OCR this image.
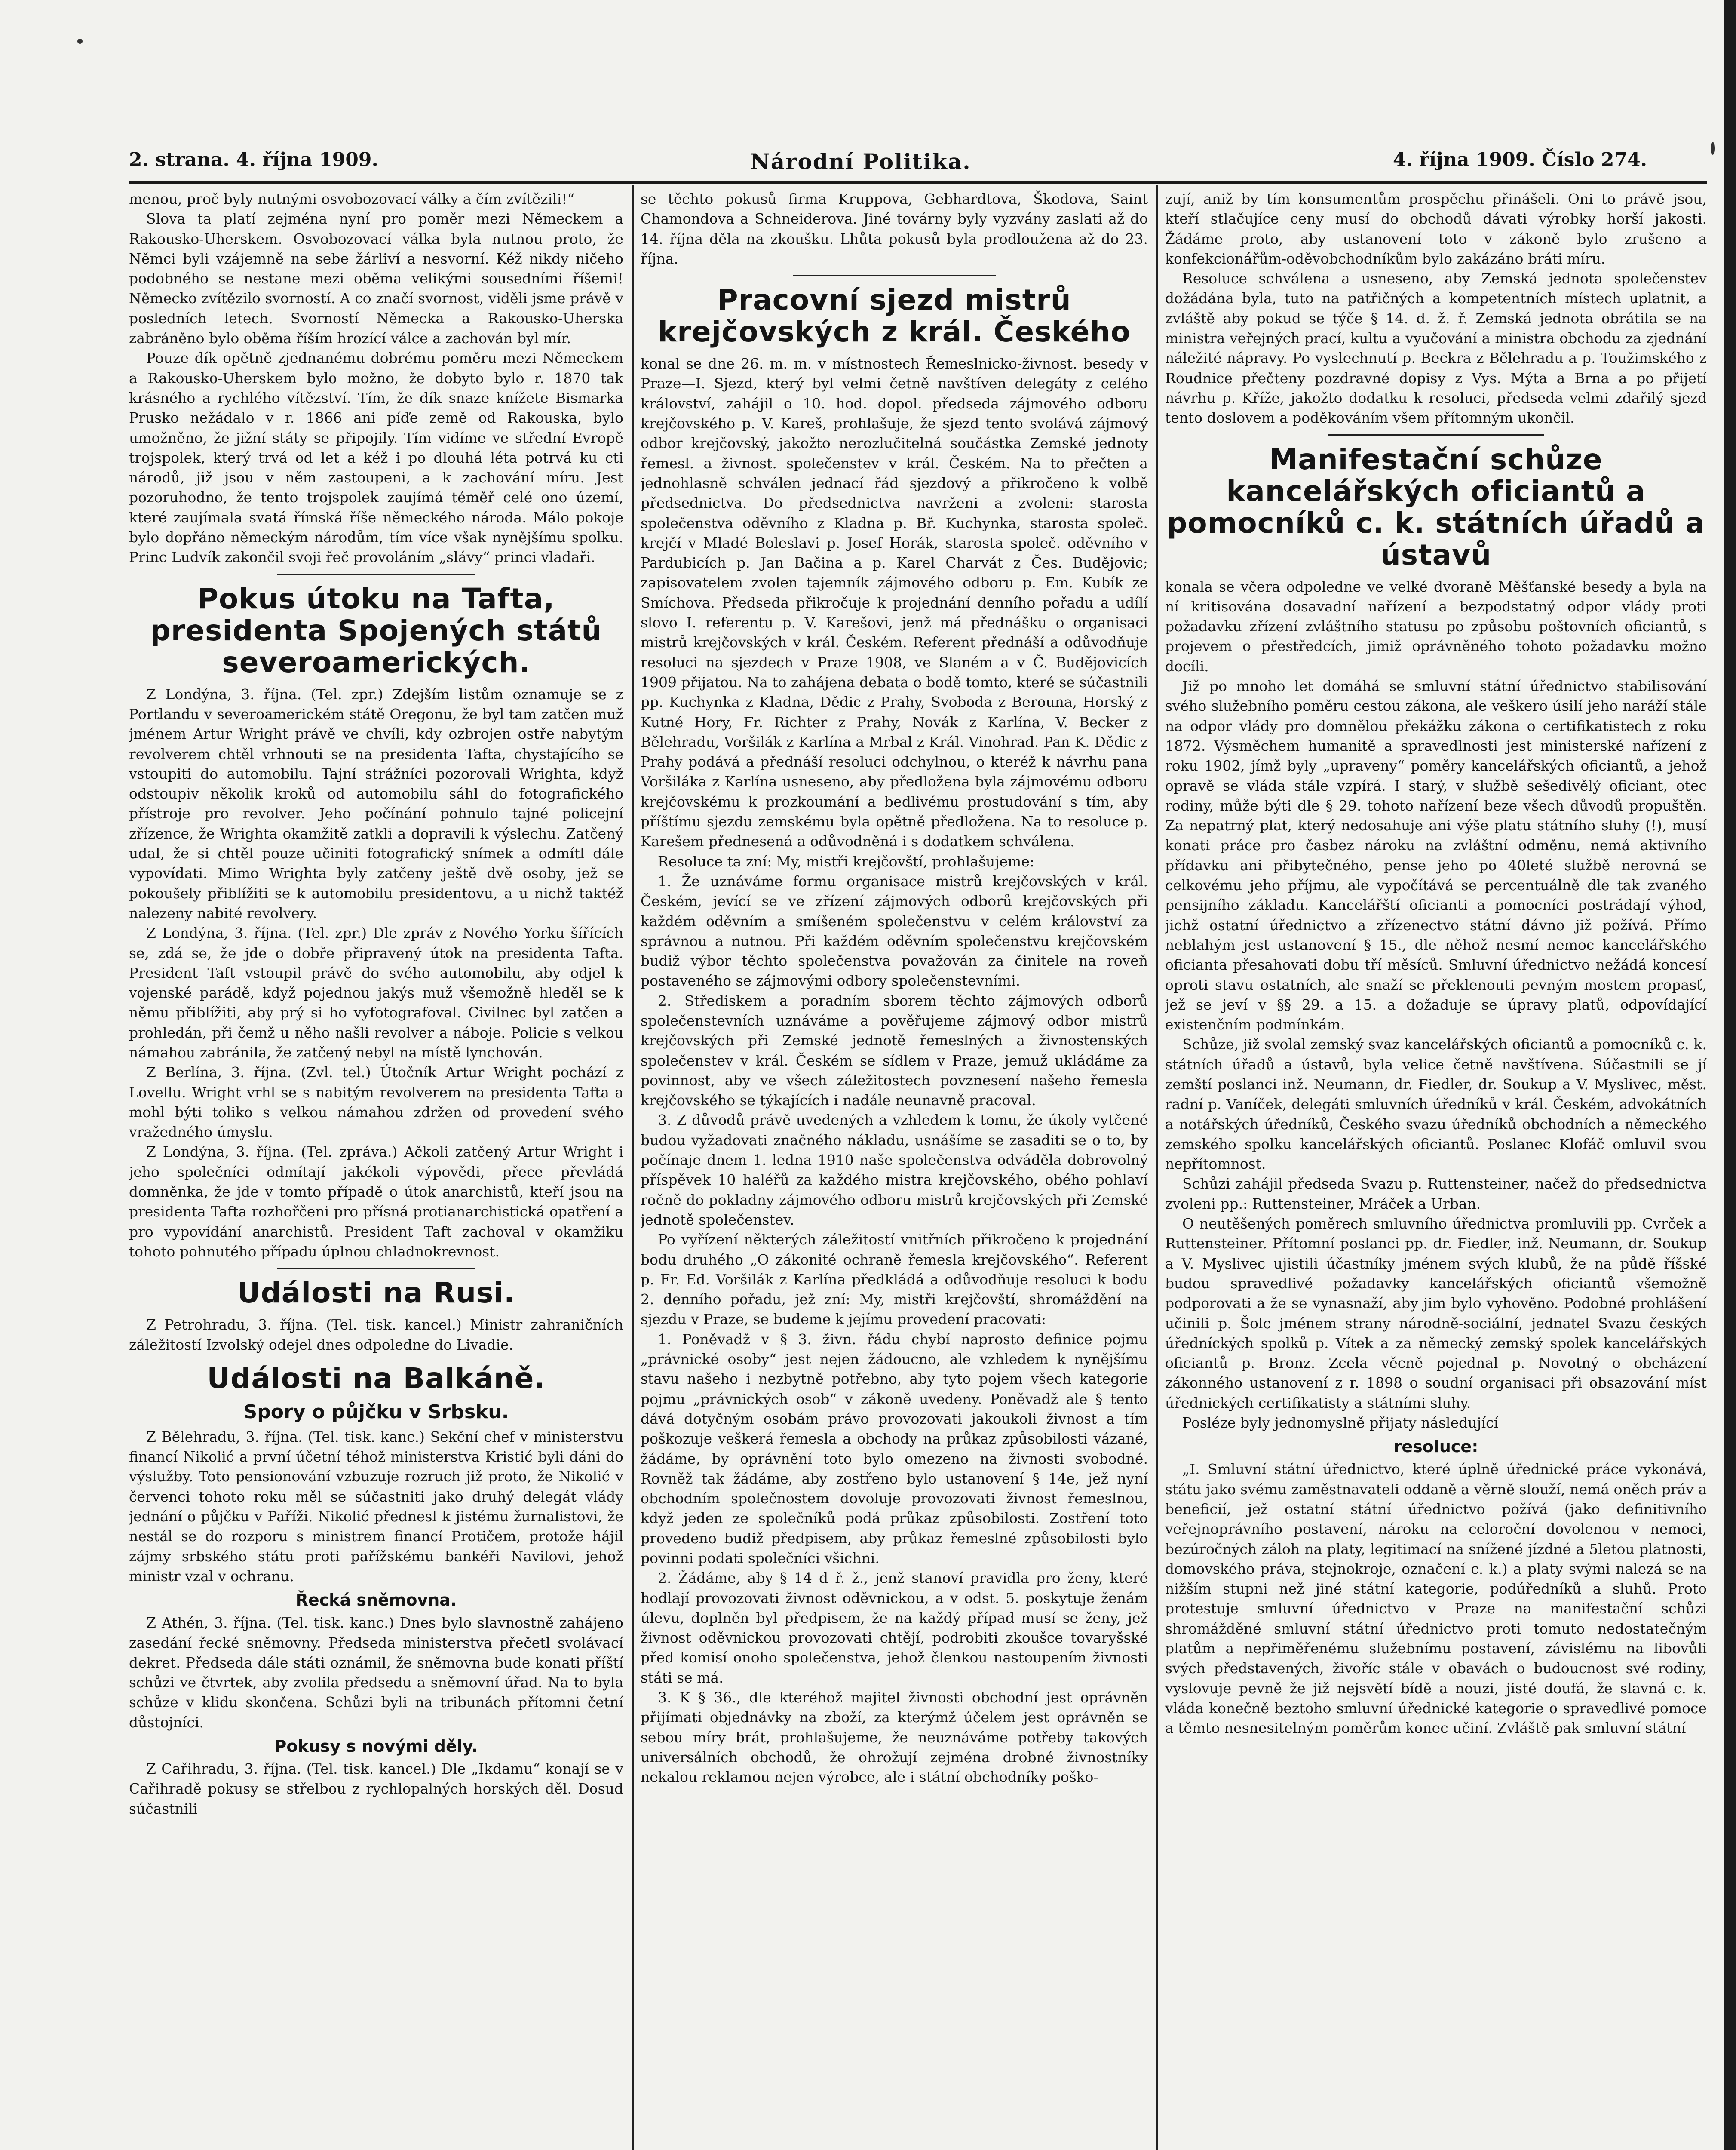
2. strana. 4. října 1909.	Národní Politika.	4. října 1909. Číslo 274.

menou, proč byly nutnými osvobozovací války a čím zvítězili!“

Slova ta platí zejména nyní pro poměr mezi Německem a Rakousko-Uherskem. Osvobozovací válka byla nutnou proto, že Němci byli vzájemně na sebe žárliví a nesvorní. Kéž nikdy ničeho podobného se nestane mezi oběma velikými sousedními říšemi! Německo zvítězilo svorností. A co značí svornost, viděli jsme právě v posledních letech. Svorností Německa a Rakousko-Uherska zabráněno bylo oběma říším hrozící válce a zachován byl mír.

Pouze dík opětně zjednanému dobrému poměru mezi Německem a Rakousko-Uherskem bylo možno, že dobyto bylo r. 1870 tak krásného a rychlého vítězství. Tím, že dík snaze knížete Bismarka Prusko nežádalo v r. 1866 ani píďe země od Rakouska, bylo umožněno, že jižní státy se připojily. Tím vidíme ve střední Evropě trojspolek, který trvá od let a kéž i po dlouhá léta potrvá ku cti národů, již jsou v něm zastoupeni, a k zachování míru. Jest pozoruhodno, že tento trojspolek zaujímá téměř celé ono území, které zaujímala svatá římská říše německého národa. Málo pokoje bylo dopřáno německým národům, tím více však nynějšímu spolku. Princ Ludvík zakončil svoji řeč provoláním „slávy“ princi vladaři.

Pokus útoku na Tafta, presidenta Spojených států severoamerických.

Z Londýna, 3. října. (Tel. zpr.) Zdejším listům oznamuje se z Portlandu v severoamerickém státě Oregonu, že byl tam zatčen muž jménem Artur Wright právě ve chvíli, kdy ozbrojen ostře nabytým revolverem chtěl vrhnouti se na presidenta Tafta, chystajícího se vstoupiti do automobilu. Tajní strážníci pozorovali Wrighta, když odstoupiv několik kroků od automobilu sáhl do fotografického přístroje pro revolver. Jeho počínání pohnulo tajné policejní zřízence, že Wrighta okamžitě zatkli a dopravili k výslechu. Zatčený udal, že si chtěl pouze učiniti fotografický snímek a odmítl dále vypovídati. Mimo Wrighta byly zatčeny ještě dvě osoby, jež se pokoušely přiblížiti se k automobilu presidentovu, a u nichž taktéž nalezeny nabité revolvery.

Z Londýna, 3. října. (Tel. zpr.) Dle zpráv z Nového Yorku šířících se, zdá se, že jde o dobře připravený útok na presidenta Tafta. President Taft vstoupil právě do svého automobilu, aby odjel k vojenské parádě, když pojednou jakýs muž všemožně hleděl se k němu přiblížiti, aby prý si ho vyfotografoval. Civilnec byl zatčen a prohledán, při čemž u něho našli revolver a náboje. Policie s velkou námahou zabránila, že zatčený nebyl na místě lynchován.

Z Berlína, 3. října. (Zvl. tel.) Útočník Artur Wright pochází z Lovellu. Wright vrhl se s nabitým revolverem na presidenta Tafta a mohl býti toliko s velkou námahou zdržen od provedení svého vražedného úmyslu.

Z Londýna, 3. října. (Tel. zpráva.) Ačkoli zatčený Artur Wright i jeho společníci odmítají jakékoli výpovědi, přece převládá domněnka, že jde v tomto případě o útok anarchistů, kteří jsou na presidenta Tafta rozhořčeni pro přísná protianarchistická opatření a pro vypovídání anarchistů. President Taft zachoval v okamžiku tohoto pohnutého případu úplnou chladnokrevnost.

Události na Rusi.

Z Petrohradu, 3. října. (Tel. tisk. kancel.) Ministr zahraničních záležitostí Izvolský odejel dnes odpoledne do Livadie.

Události na Balkáně.
Spory o půjčku v Srbsku.

Z Bělehradu, 3. října. (Tel. tisk. kanc.) Sekční chef v ministerstvu financí Nikolić a první účetní téhož ministerstva Kristić byli dáni do výslužby. Toto pensionování vzbuzuje rozruch již proto, že Nikolić v červenci tohoto roku měl se súčastniti jako druhý delegát vlády jednání o půjčku v Paříži. Nikolić přednesl k jistému žurnalistovi, že nestál se do rozporu s ministrem financí Protičem, protože hájil zájmy srbského státu proti pařížskému bankéři Navilovi, jehož ministr vzal v ochranu.

Řecká sněmovna.

Z Athén, 3. října. (Tel. tisk. kanc.) Dnes bylo slavnostně zahájeno zasedání řecké sněmovny. Předseda ministerstva přečetl svolávací dekret. Předseda dále státi oznámil, že sněmovna bude konati příští schůzi ve čtvrtek, aby zvolila předsedu a sněmovní úřad. Na to byla schůze v klidu skončena. Schůzi byli na tribunách přítomni četní důstojníci.

Pokusy s novými děly.

Z Cařihradu, 3. října. (Tel. tisk. kancel.) Dle „Ikdamu“ konají se v Cařihradě pokusy se střelbou z rychlopalných horských děl. Dosud súčastnili

se těchto pokusů firma Kruppova, Gebhardtova, Škodova, Saint Chamondova a Schneiderova. Jiné továrny byly vyzvány zaslati až do 14. října děla na zkoušku. Lhůta pokusů byla prodloužena až do 23. října.

Pracovní sjezd mistrů krejčovských z král. Českého

konal se dne 26. m. m. v místnostech Řemeslnicko-živnost. besedy v Praze—I. Sjezd, který byl velmi četně navštíven delegáty z celého království, zahájil o 10. hod. dopol. předseda zájmového odboru krejčovského p. V. Kareš, prohlašuje, že sjezd tento svolává zájmový odbor krejčovský, jakožto nerozlučitelná součástka Zemské jednoty řemesl. a živnost. společenstev v král. Českém. Na to přečten a jednohlasně schválen jednací řád sjezdový a přikročeno k volbě předsednictva. Do předsednictva navrženi a zvoleni: starosta společenstva oděvního z Kladna p. Bř. Kuchynka, starosta společ. krejčí v Mladé Boleslavi p. Josef Horák, starosta společ. oděvního v Pardubicích p. Jan Bačina a p. Karel Charvát z Čes. Budějovic; zapisovatelem zvolen tajemník zájmového odboru p. Em. Kubík ze Smíchova. Předseda přikročuje k projednání denního pořadu a udílí slovo I. referentu p. V. Karešovi, jenž má přednášku o organisaci mistrů krejčovských v král. Českém. Referent přednáší a odůvodňuje resoluci na sjezdech v Praze 1908, ve Slaném a v Č. Budějovicích 1909 přijatou. Na to zahájena debata o bodě tomto, které se súčastnili pp. Kuchynka z Kladna, Dědic z Prahy, Svoboda z Berouna, Horský z Kutné Hory, Fr. Richter z Prahy, Novák z Karlína, V. Becker z Bělehradu, Voršilák z Karlína a Mrbal z Král. Vinohrad. Pan K. Dědic z Prahy podává a přednáší resoluci odchylnou, o kteréž k návrhu pana Voršiláka z Karlína usneseno, aby předložena byla zájmovému odboru krejčovskému k prozkoumání a bedlivému prostudování s tím, aby příštímu sjezdu zemskému byla opětně předložena. Na to resoluce p. Karešem přednesená a odůvodněná i s dodatkem schválena.

Resoluce ta zní: My, mistři krejčovští, prohlašujeme:

1. Že uznáváme formu organisace mistrů krejčovských v král. Českém, jevící se ve zřízení zájmových odborů krejčovských při každém oděvním a smíšeném společenstvu v celém království za správnou a nutnou. Při každém oděvním společenstvu krejčovském budiž výbor těchto společenstva považován za činitele na roveň postaveného se zájmovými odbory společenstevními.

2. Střediskem a poradním sborem těchto zájmových odborů společenstevních uznáváme a pověřujeme zájmový odbor mistrů krejčovských při Zemské jednotě řemeslných a živnostenských společenstev v král. Českém se sídlem v Praze, jemuž ukládáme za povinnost, aby ve všech záležitostech povznesení našeho řemesla krejčovského se týkajících i nadále neunavně pracoval.

3. Z důvodů právě uvedených a vzhledem k tomu, že úkoly vytčené budou vyžadovati značného nákladu, usnášíme se zasaditi se o to, by počínaje dnem 1. ledna 1910 naše společenstva odváděla dobrovolný příspěvek 10 haléřů za každého mistra krejčovského, obého pohlaví ročně do pokladny zájmového odboru mistrů krejčovských při Zemské jednotě společenstev.

Po vyřízení některých záležitostí vnitřních přikročeno k projednání bodu druhého „O zákonité ochraně řemesla krejčovského“. Referent p. Fr. Ed. Voršilák z Karlína předkládá a odůvodňuje resoluci k bodu 2. denního pořadu, jež zní: My, mistři krejčovští, shromáždění na sjezdu v Praze, se budeme k jejímu provedení pracovati:

1. Poněvadž v § 3. živn. řádu chybí naprosto definice pojmu „právnické osoby“ jest nejen žádoucno, ale vzhledem k nynějšímu stavu našeho i nezbytně potřebno, aby tyto pojem všech kategorie pojmu „právnických osob“ v zákoně uvedeny. Poněvadž ale § tento dává dotyčným osobám právo provozovati jakoukoli živnost a tím poškozuje veškerá řemesla a obchody na průkaz způsobilosti vázané, žádáme, by oprávnění toto bylo omezeno na živnosti svobodné. Rovněž tak žádáme, aby zostřeno bylo ustanovení § 14e, jež nyní obchodním společnostem dovoluje provozovati živnost řemeslnou, když jeden ze společníků podá průkaz způsobilosti. Zostření toto provedeno budiž předpisem, aby průkaz řemeslné způsobilosti bylo povinni podati společníci všichni.

2. Žádáme, aby § 14 d ř. ž., jenž stanoví pravidla pro ženy, které hodlají provozovati živnost oděvnickou, a v odst. 5. poskytuje ženám úlevu, doplněn byl předpisem, že na každý případ musí se ženy, jež živnost oděvnickou provozovati chtějí, podrobiti zkoušce tovaryšské před komisí onoho společenstva, jehož členkou nastoupením živnosti státi se má.

3. K § 36., dle kteréhož majitel živnosti obchodní jest oprávněn přijímati objednávky na zboží, za kterýmž účelem jest oprávněn se sebou míry brát, prohlašujeme, že neuznáváme potřeby takových universálních obchodů, že ohrožují zejména drobné živnostníky nekalou reklamou nejen výrobce, ale i státní obchodníky poško-

zují, aniž by tím konsumentům prospěchu přinášeli. Oni to právě jsou, kteří stlačujíce ceny musí do obchodů dávati výrobky horší jakosti. Žádáme proto, aby ustanovení toto v zákoně bylo zrušeno a konfekcionářům-oděvobchodníkům bylo zakázáno bráti míru.

Resoluce schválena a usneseno, aby Zemská jednota společenstev dožádána byla, tuto na patřičných a kompetentních místech uplatnit, a zvláště aby pokud se týče § 14. d. ž. ř. Zemská jednota obrátila se na ministra veřejných prací, kultu a vyučování a ministra obchodu za zjednání náležité nápravy. Po vyslechnutí p. Beckra z Bělehradu a p. Toužimského z Roudnice přečteny pozdravné dopisy z Vys. Mýta a Brna a po přijetí návrhu p. Kříže, jakožto dodatku k resoluci, předseda velmi zdařilý sjezd tento doslovem a poděkováním všem přítomným ukončil.

Manifestační schůze kancelářských oficiantů a pomocníků c. k. státních úřadů a ústavů

konala se včera odpoledne ve velké dvoraně Měšťanské besedy a byla na ní kritisována dosavadní nařízení a bezpodstatný odpor vlády proti požadavku zřízení zvláštního statusu po způsobu poštovních oficiantů, s projevem o přestředcích, jimiž oprávněného tohoto požadavku možno docíli.

Již po mnoho let domáhá se smluvní státní úřednictvo stabilisování svého služebního poměru cestou zákona, ale veškero úsilí jeho naráží stále na odpor vlády pro domnělou překážku zákona o certifikatistech z roku 1872. Výsměchem humanitě a spravedlnosti jest ministerské nařízení z roku 1902, jímž byly „upraveny“ poměry kancelářských oficiantů, a jehož opravě se vláda stále vzpírá. I starý, v službě sešedivělý oficiant, otec rodiny, může býti dle § 29. tohoto nařízení beze všech důvodů propuštěn. Za nepatrný plat, který nedosahuje ani výše platu státního sluhy (!), musí konati práce pro časbez nároku na zvláštní odměnu, nemá aktivního přídavku ani přibytečného, pense jeho po 40leté službě nerovná se celkovému jeho příjmu, ale vypočítává se percentuálně dle tak zvaného pensijního základu. Kancelářští oficianti a pomocníci postrádají výhod, jichž ostatní úřednictvo a zřízenectvo státní dávno již požívá. Přímo neblahým jest ustanovení § 15., dle něhož nesmí nemoc kancelářského oficianta přesahovati dobu tří měsíců. Smluvní úřednictvo nežádá koncesí oproti stavu ostatních, ale snaží se překlenouti pevným mostem propasť, jež se jeví v §§ 29. a 15. a dožaduje se úpravy platů, odpovídající existenčním podmínkám.

Schůze, již svolal zemský svaz kancelářských oficiantů a pomocníků c. k. státních úřadů a ústavů, byla velice četně navštívena. Súčastnili se jí zemští poslanci inž. Neumann, dr. Fiedler, dr. Soukup a V. Myslivec, měst. radní p. Vaníček, delegáti smluvních úředníků v král. Českém, advokátních a notářských úředníků, Českého svazu úředníků obchodních a německého zemského spolku kancelářských oficiantů. Poslanec Klofáč omluvil svou nepřítomnost.

Schůzi zahájil předseda Svazu p. Ruttensteiner, načež do předsednictva zvoleni pp.: Ruttensteiner, Mráček a Urban.

O neutěšených poměrech smluvního úřednictva promluvili pp. Cvrček a Ruttensteiner. Přítomní poslanci pp. dr. Fiedler, inž. Neumann, dr. Soukup a V. Myslivec ujistili účastníky jménem svých klubů, že na půdě říšské budou spravedlivé požadavky kancelářských oficiantů všemožně podporovati a že se vynasnaží, aby jim bylo vyhověno. Podobné prohlášení učinili p. Šolc jménem strany národně-sociální, jednatel Svazu českých úředníckých spolků p. Vítek a za německý zemský spolek kancelářských oficiantů p. Bronz. Zcela věcně pojednal p. Novotný o obcházení zákonného ustanovení z r. 1898 o soudní organisaci při obsazování míst úřednických certifikatisty a státními sluhy.

Posléze byly jednomyslně přijaty následující

resoluce:

„I. Smluvní státní úřednictvo, které úplně úřednické práce vykonává, státu jako svému zaměstnavateli oddaně a věrně slouží, nemá oněch práv a beneficií, jež ostatní státní úřednictvo požívá (jako definitivního veřejnoprávního postavení, nároku na celoroční dovolenou v nemoci, bezúročných záloh na platy, legitimací na snížené jízdné a 5letou platnosti, domovského práva, stejnokroje, označení c. k.) a platy svými nalezá se na nižším stupni než jiné státní kategorie, podúředníků a sluhů. Proto protestuje smluvní úřednictvo v Praze na manifestační schůzi shromážděné smluvní státní úřednictvo proti tomuto nedostatečným platům a nepřiměřenému služebnímu postavení, závislému na libovůli svých představených, živoříc stále v obavách o budoucnost své rodiny, vyslovuje pevně že již nejsvětí bídě a nouzi, jisté doufá, že slavná c. k. vláda konečně beztoho smluvní úřednické kategorie o spravedlivé pomoce a těmto nesnesitelným poměrům konec učiní. Zvláště pak smluvní státní
